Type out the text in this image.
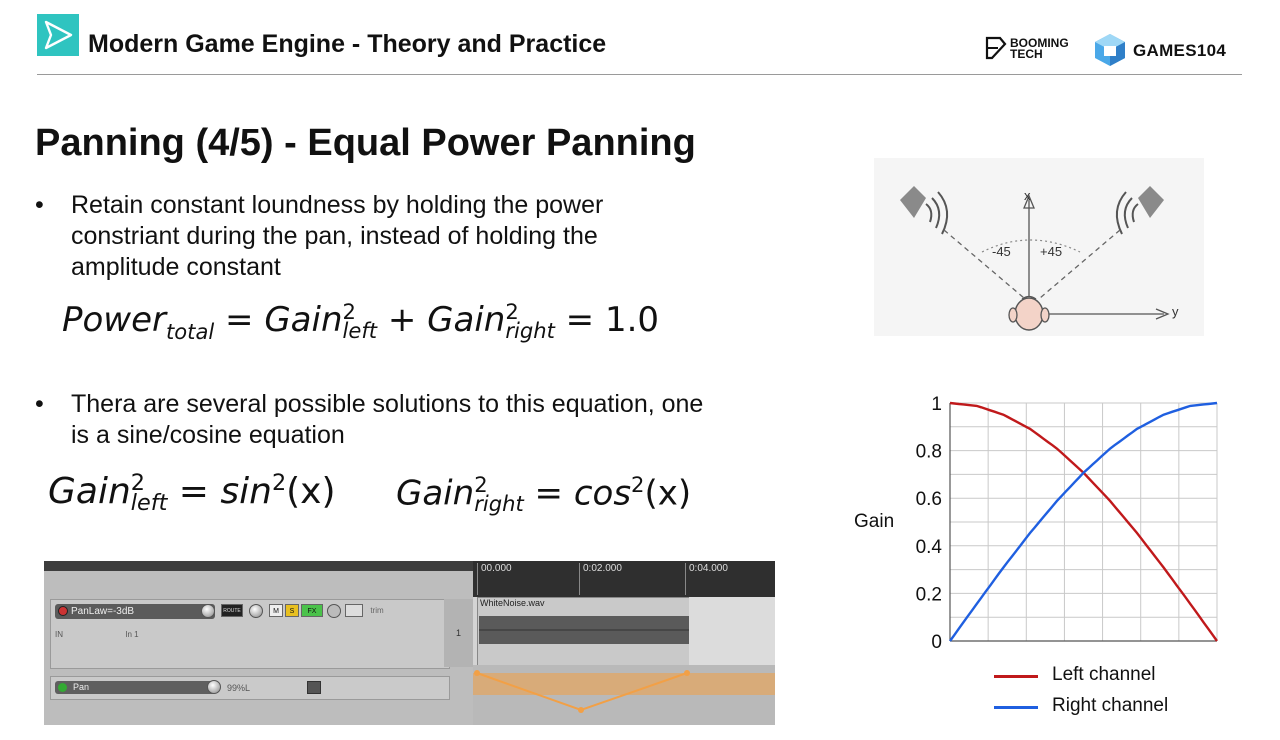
Modern Game Engine - Theory and Practice	BOOMING
TECH	GAMES104
Panning (4/5) - Equal Power Panning
• Retain constant loundness by holding the power constriant during the pan, instead of holding the amplitude constant
Power$_{total}$ = Gain 2
left + Gain 2
right = 1.0
• Thera are several possible solutions to this equation, one is a sine/cosine equation
Gain 2
left = $\sin^2(x)$ Gain 2
right = $\cos^2(x)$
PanLaw=-3dB	ROUTE	M	S	FX	trim
IN	In 1	1
Pan	99%L
00.000	0:02.000	0:04.000
WhiteNoise.wav
x
y
-45 +45
0
0.2
0.4
0.6
0.8
1
Gain
Left channel
Right channel
